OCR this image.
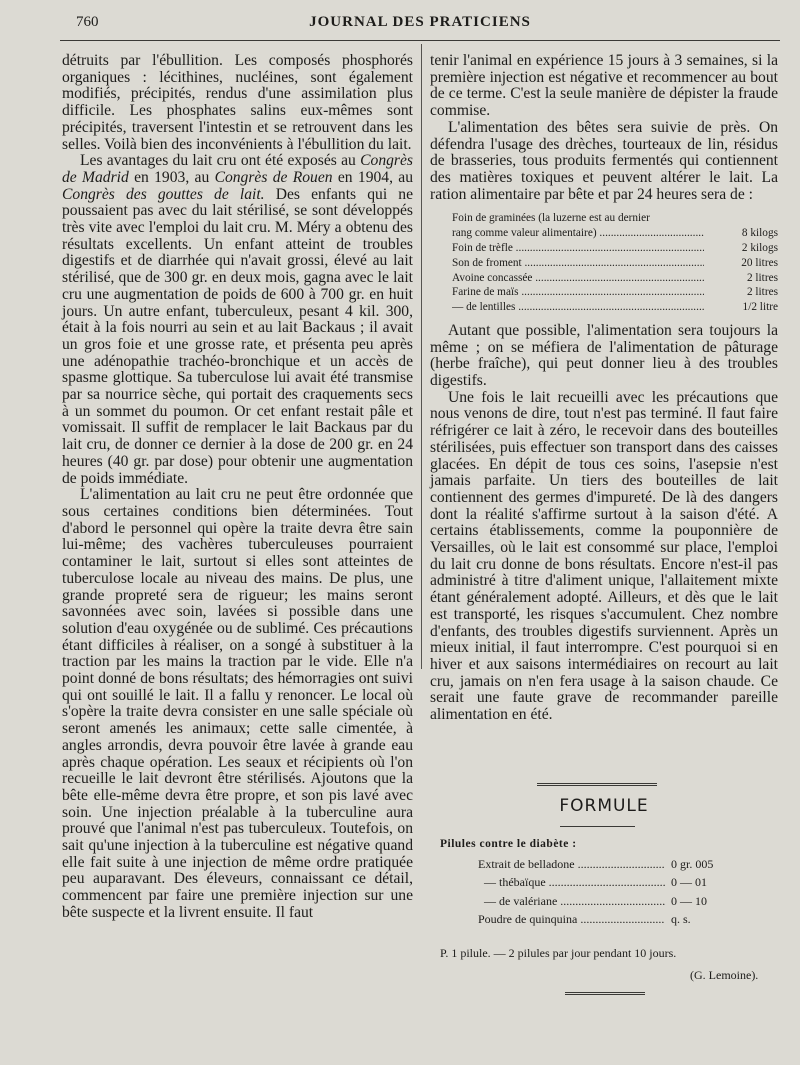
760	JOURNAL DES PRATICIENS

détruits par l'ébullition. Les composés phosphorés organiques : lécithines, nucléines, sont également modifiés, précipités, rendus d'une assimilation plus difficile. Les phosphates salins eux-mêmes sont précipités, traversent l'intestin et se retrouvent dans les selles. Voilà bien des inconvénients à l'ébullition du lait.

Les avantages du lait cru ont été exposés au Congrès de Madrid en 1903, au Congrès de Rouen en 1904, au Congrès des gouttes de lait. Des enfants qui ne poussaient pas avec du lait stérilisé, se sont développés très vite avec l'emploi du lait cru. M. Méry a obtenu des résultats excellents. Un enfant atteint de troubles digestifs et de diarrhée qui n'avait grossi, élevé au lait stérilisé, que de 300 gr. en deux mois, gagna avec le lait cru une augmentation de poids de 600 à 700 gr. en huit jours. Un autre enfant, tuberculeux, pesant 4 kil. 300, était à la fois nourri au sein et au lait Backaus ; il avait un gros foie et une grosse rate, et présenta peu après une adénopathie trachéo-bronchique et un accès de spasme glottique. Sa tuberculose lui avait été transmise par sa nourrice sèche, qui portait des craquements secs à un sommet du poumon. Or cet enfant restait pâle et vomissait. Il suffit de remplacer le lait Backaus par du lait cru, de donner ce dernier à la dose de 200 gr. en 24 heures (40 gr. par dose) pour obtenir une augmentation de poids immédiate.

L'alimentation au lait cru ne peut être ordonnée que sous certaines conditions bien déterminées. Tout d'abord le personnel qui opère la traite devra être sain lui-même; des vachères tuberculeuses pourraient contaminer le lait, surtout si elles sont atteintes de tuberculose locale au niveau des mains. De plus, une grande propreté sera de rigueur; les mains seront savonnées avec soin, lavées si possible dans une solution d'eau oxygénée ou de sublimé. Ces précautions étant difficiles à réaliser, on a songé à substituer à la traction par les mains la traction par le vide. Elle n'a point donné de bons résultats; des hémorragies ont suivi qui ont souillé le lait. Il a fallu y renoncer. Le local où s'opère la traite devra consister en une salle spéciale où seront amenés les animaux; cette salle cimentée, à angles arrondis, devra pouvoir être lavée à grande eau après chaque opération. Les seaux et récipients où l'on recueille le lait devront être stérilisés. Ajoutons que la bête elle-même devra être propre, et son pis lavé avec soin. Une injection préalable à la tuberculine aura prouvé que l'animal n'est pas tuberculeux. Toutefois, on sait qu'une injection à la tuberculine est négative quand elle fait suite à une injection de même ordre pratiquée peu auparavant. Des éleveurs, connaissant ce détail, commencent par faire une première injection sur une bête suspecte et la livrent ensuite. Il faut

tenir l'animal en expérience 15 jours à 3 semaines, si la première injection est négative et recommencer au bout de ce terme. C'est la seule manière de dépister la fraude commise.

L'alimentation des bêtes sera suivie de près. On défendra l'usage des drèches, tourteaux de lin, résidus de brasseries, tous produits fermentés qui contiennent des matières toxiques et peuvent altérer le lait. La ration alimentaire par bête et par 24 heures sera de :

Foin de graminées (la luzerne est au dernier
rang comme valeur alimentaire) .....	8 kilogs
Foin de trèfle .....	2 kilogs
Son de froment .....	20 litres
Avoine concassée .....	2 litres
Farine de maïs .....	2 litres
— de lentilles .....	1/2 litre

Autant que possible, l'alimentation sera toujours la même ; on se méfiera de l'alimentation de pâturage (herbe fraîche), qui peut donner lieu à des troubles digestifs.

Une fois le lait recueilli avec les précautions que nous venons de dire, tout n'est pas terminé. Il faut faire réfrigérer ce lait à zéro, le recevoir dans des bouteilles stérilisées, puis effectuer son transport dans des caisses glacées. En dépit de tous ces soins, l'asepsie n'est jamais parfaite. Un tiers des bouteilles de lait contiennent des germes d'impureté. De là des dangers dont la réalité s'affirme surtout à la saison d'été. A certains établissements, comme la pouponnière de Versailles, où le lait est consommé sur place, l'emploi du lait cru donne de bons résultats. Encore n'est-il pas administré à titre d'aliment unique, l'allaitement mixte étant généralement adopté. Ailleurs, et dès que le lait est transporté, les risques s'accumulent. Chez nombre d'enfants, des troubles digestifs surviennent. Après un mieux initial, il faut interrompre. C'est pourquoi si en hiver et aux saisons intermédiaires on recourt au lait cru, jamais on n'en fera usage à la saison chaude. Ce serait une faute grave de recommander pareille alimentation en été.

FORMULE
Pilules contre le diabète :
Extrait de belladone .....	0 gr. 005
— thébaïque .....	0 — 01
— de valériane .....	0 — 10
Poudre de quinquina .....	q. s.
P. 1 pilule. — 2 pilules par jour pendant 10 jours.
(G. Lemoine).
